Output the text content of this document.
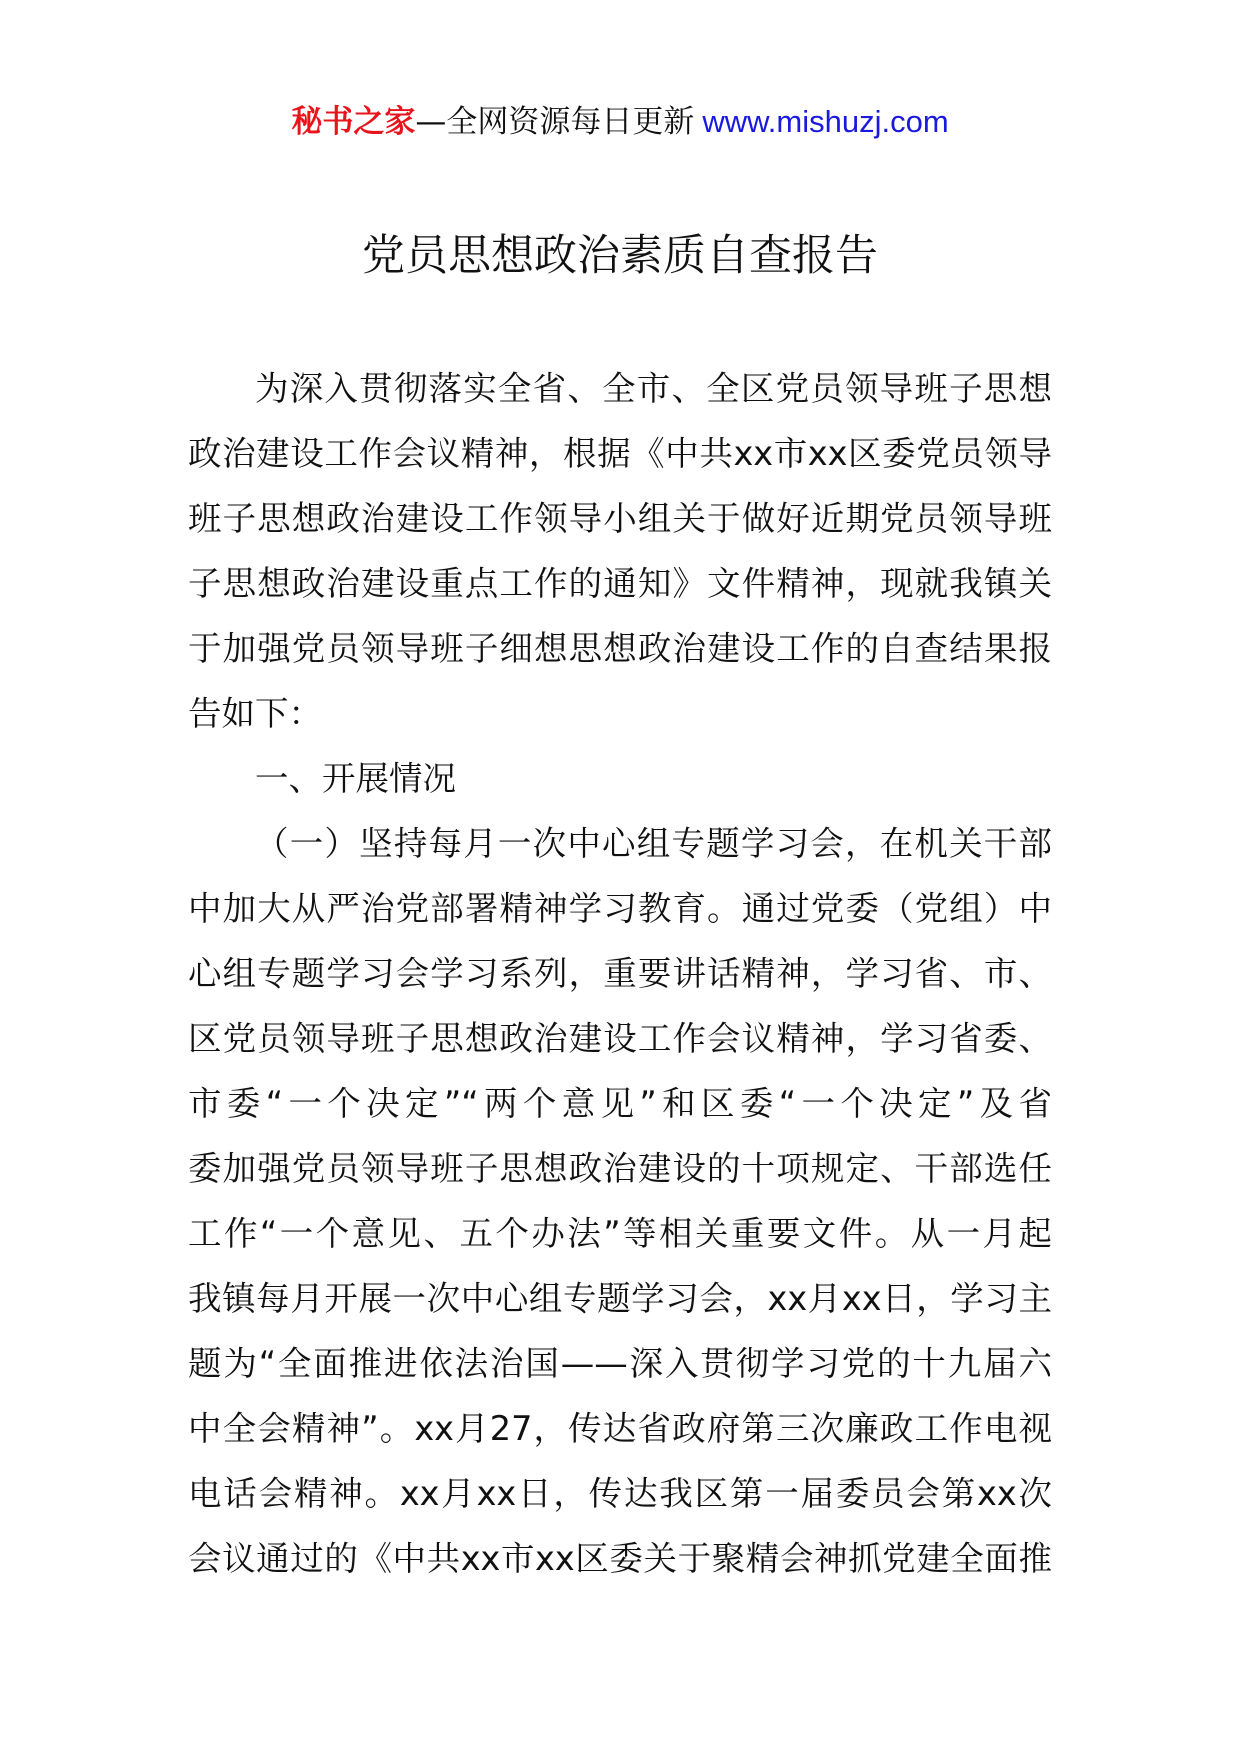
秘书之家—全网资源每日更新 www.mishuzj.com
党员思想政治素质自查报告
为深入贯彻落实全省、全市、全区党员领导班子思想
政治建设工作会议精神，根据《中共xx市xx区委党员领导
班子思想政治建设工作领导小组关于做好近期党员领导班
子思想政治建设重点工作的通知》文件精神，现就我镇关
于加强党员领导班子细想思想政治建设工作的自查结果报
告如下：
一、开展情况
（一）坚持每月一次中心组专题学习会，在机关干部
中加大从严治党部署精神学习教育。通过党委（党组）中
心组专题学习会学习系列，重要讲话精神，学习省、市、
区党员领导班子思想政治建设工作会议精神，学习省委、
市委“一个决定”“两个意见”和区委“一个决定”及省
委加强党员领导班子思想政治建设的十项规定、干部选任
工作“一个意见、五个办法”等相关重要文件。从一月起
我镇每月开展一次中心组专题学习会，xx月xx日，学习主
题为“全面推进依法治国——深入贯彻学习党的十九届六
中全会精神”。xx月27，传达省政府第三次廉政工作电视
电话会精神。xx月xx日，传达我区第一届委员会第xx次
会议通过的《中共xx市xx区委关于聚精会神抓党建全面推
